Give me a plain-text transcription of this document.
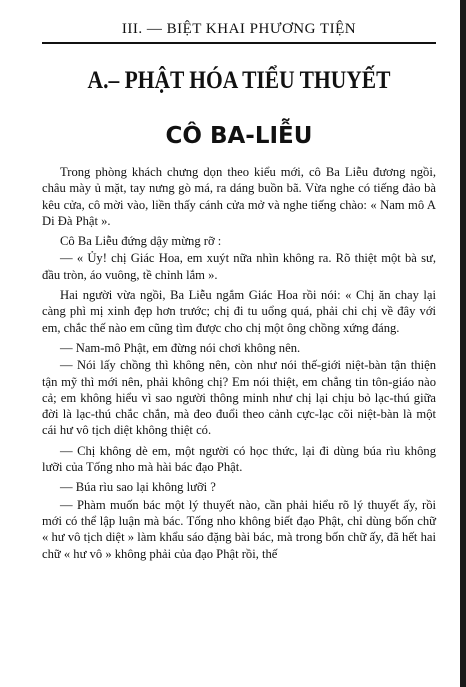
III. — BIỆT KHAI PHƯƠNG TIỆN
A.– PHẬT HÓA TIỂU THUYẾT
CÔ BA-LIỄU

Trong phòng khách chưng dọn theo kiểu mới, cô Ba Liễu đương ngồi, châu mày ủ mặt, tay nưng gò má, ra dáng buồn bã. Vừa nghe có tiếng đảo bà kêu cửa, cô mời vào, liền thấy cánh cửa mở và nghe tiếng chào: « Nam mô A Di Đà Phật ».

Cô Ba Liễu đứng dậy mừng rỡ :

— « Ủy! chị Giác Hoa, em xuýt nữa nhìn không ra. Rõ thiệt một bà sư, đầu tròn, áo vuông, tề chỉnh lắm ».

Hai người vừa ngồi, Ba Liễu ngắm Giác Hoa rồi nói: « Chị ăn chay lại càng phì mị xinh đẹp hơn trước; chị đi tu uổng quá, phải chi chị về đây với em, chắc thế nào em cũng tìm được cho chị một ông chồng xứng đáng.

— Nam-mô Phật, em đừng nói chơi không nên.

— Nói lấy chồng thì không nên, còn như nói thế-giới niệt-bàn tận thiện tận mỹ thì mới nên, phải không chị? Em nói thiệt, em chẳng tin tôn-giáo nào cả; em không hiểu vì sao người thông minh như chị lại chịu bỏ lạc-thú giữa đời là lạc-thú chắc chắn, mà đeo đuổi theo cảnh cực-lạc cõi niệt-bàn là một cái hư vô tịch diệt không thiệt có.

— Chị không dè em, một người có học thức, lại đi dùng búa rìu không lưỡi của Tống nho mà hài bác đạo Phật.

— Búa rìu sao lại không lưỡi ?

— Phàm muốn bác một lý thuyết nào, cần phải hiểu rõ lý thuyết ấy, rồi mới có thể lập luận mà bác. Tống nho không biết đạo Phật, chỉ dùng bốn chữ « hư vô tịch diệt » làm khẩu sáo đặng bài bác, mà trong bốn chữ ấy, đã hết hai chữ « hư vô » không phải của đạo Phật rồi, thế
